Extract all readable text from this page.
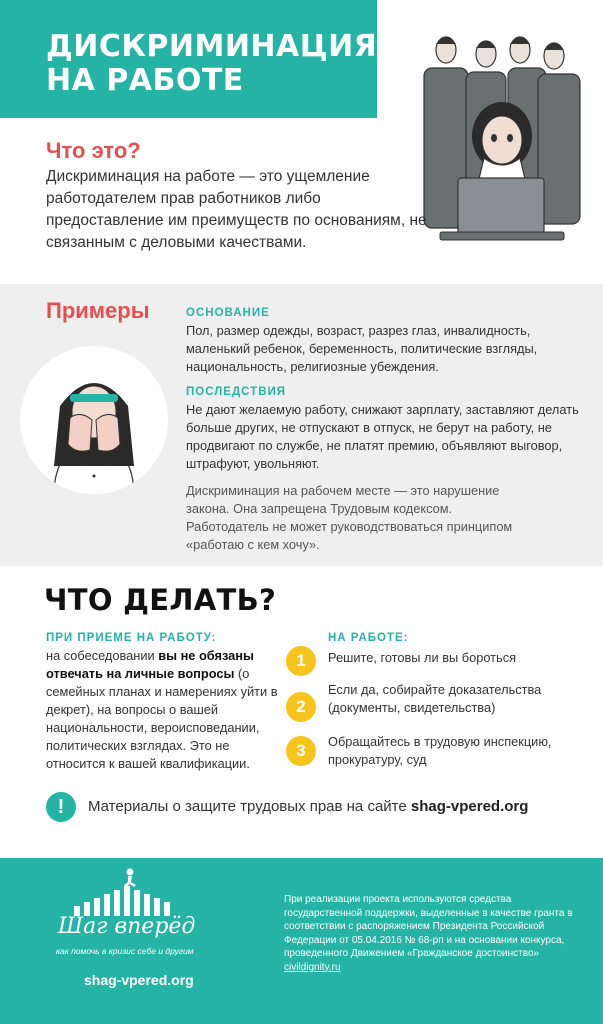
ДИСКРИМИНАЦИЯ
НА РАБОТЕ
Что это?
Дискриминация на работе — это ущемление работодателем прав работников либо предоставление им преимуществ по основаниям, не связанным с деловыми качествами.
Примеры	ОСНОВАНИЕ
Пол, размер одежды, возраст, разрез глаз, инвалидность, маленький ребенок, беременность, политические взгляды, национальность, религиозные убеждения.
ПОСЛЕДСТВИЯ
Не дают желаемую работу, снижают зарплату, заставляют делать больше других, не отпускают в отпуск, не берут на работу, не продвигают по службе, не платят премию, объявляют выговор, штрафуют, увольняют.
Дискриминация на рабочем месте — это нарушение закона. Она запрещена Трудовым кодексом. Работодатель не может руководствоваться принципом «работаю с кем хочу».
ЧТО ДЕЛАТЬ?
ПРИ ПРИЕМЕ НА РАБОТУ:
на собеседовании вы не обязаны отвечать на личные вопросы (о семейных планах и намерениях уйти в декрет), на вопросы о вашей национальности, вероисповедании, политических взглядах. Это не относится к вашей квалификации.
НА РАБОТЕ:
1	Решите, готовы ли вы бороться
2
Если да, собирайте доказательства (документы, свидетельства)
3	Обращайтесь в трудовую инспекцию, прокуратуру, суд
!	Материалы о защите трудовых прав на сайте shag-vpered.org
Шаг вперёд
как помочь в кризис себе и другим
shag-vpered.org
При реализации проекта используются средства государственной поддержки, выделенные в качестве гранта в соответствии с распоряжением Президента Российской Федерации от 05.04.2016 № 68-рп и на основании конкурса, проведенного Движением «Гражданское достоинство» civildignity.ru
